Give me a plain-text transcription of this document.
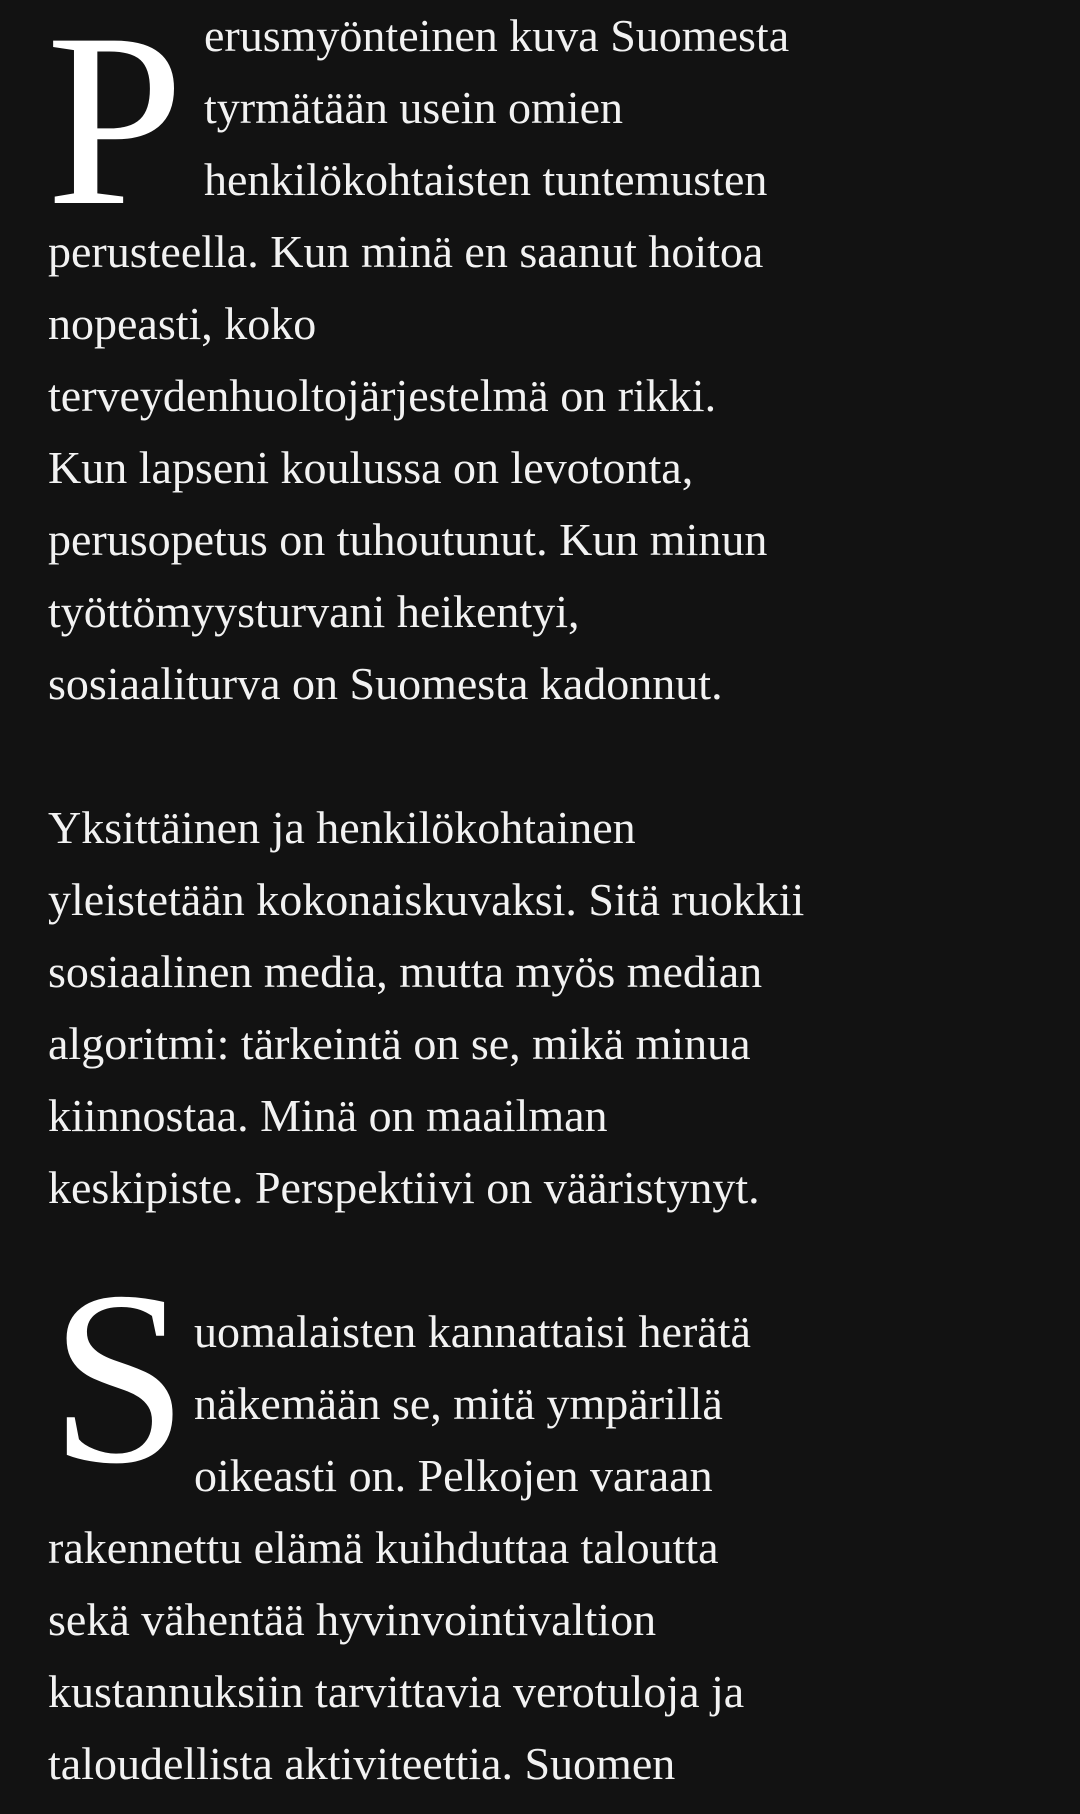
P erusmyönteinen kuva Suomesta

tyrmätään usein omien

henkilökohtaisten tuntemusten

perusteella. Kun minä en saanut hoitoa

nopeasti, koko

terveydenhuoltojärjestelmä on rikki.

Kun lapseni koulussa on levotonta,

perusopetus on tuhoutunut. Kun minun

työttömyysturvani heikentyi,

sosiaaliturva on Suomesta kadonnut.

Yksittäinen ja henkilökohtainen

yleistetään kokonaiskuvaksi. Sitä ruokkii

sosiaalinen media, mutta myös median

algoritmi: tärkeintä on se, mikä minua

kiinnostaa. Minä on maailman

keskipiste. Perspektiivi on vääristynyt.

S uomalaisten kannattaisi herätä

näkemään se, mitä ympärillä

oikeasti on. Pelkojen varaan

rakennettu elämä kuihduttaa taloutta

sekä vähentää hyvinvointivaltion

kustannuksiin tarvittavia verotuloja ja

taloudellista aktiviteettia. Suomen
